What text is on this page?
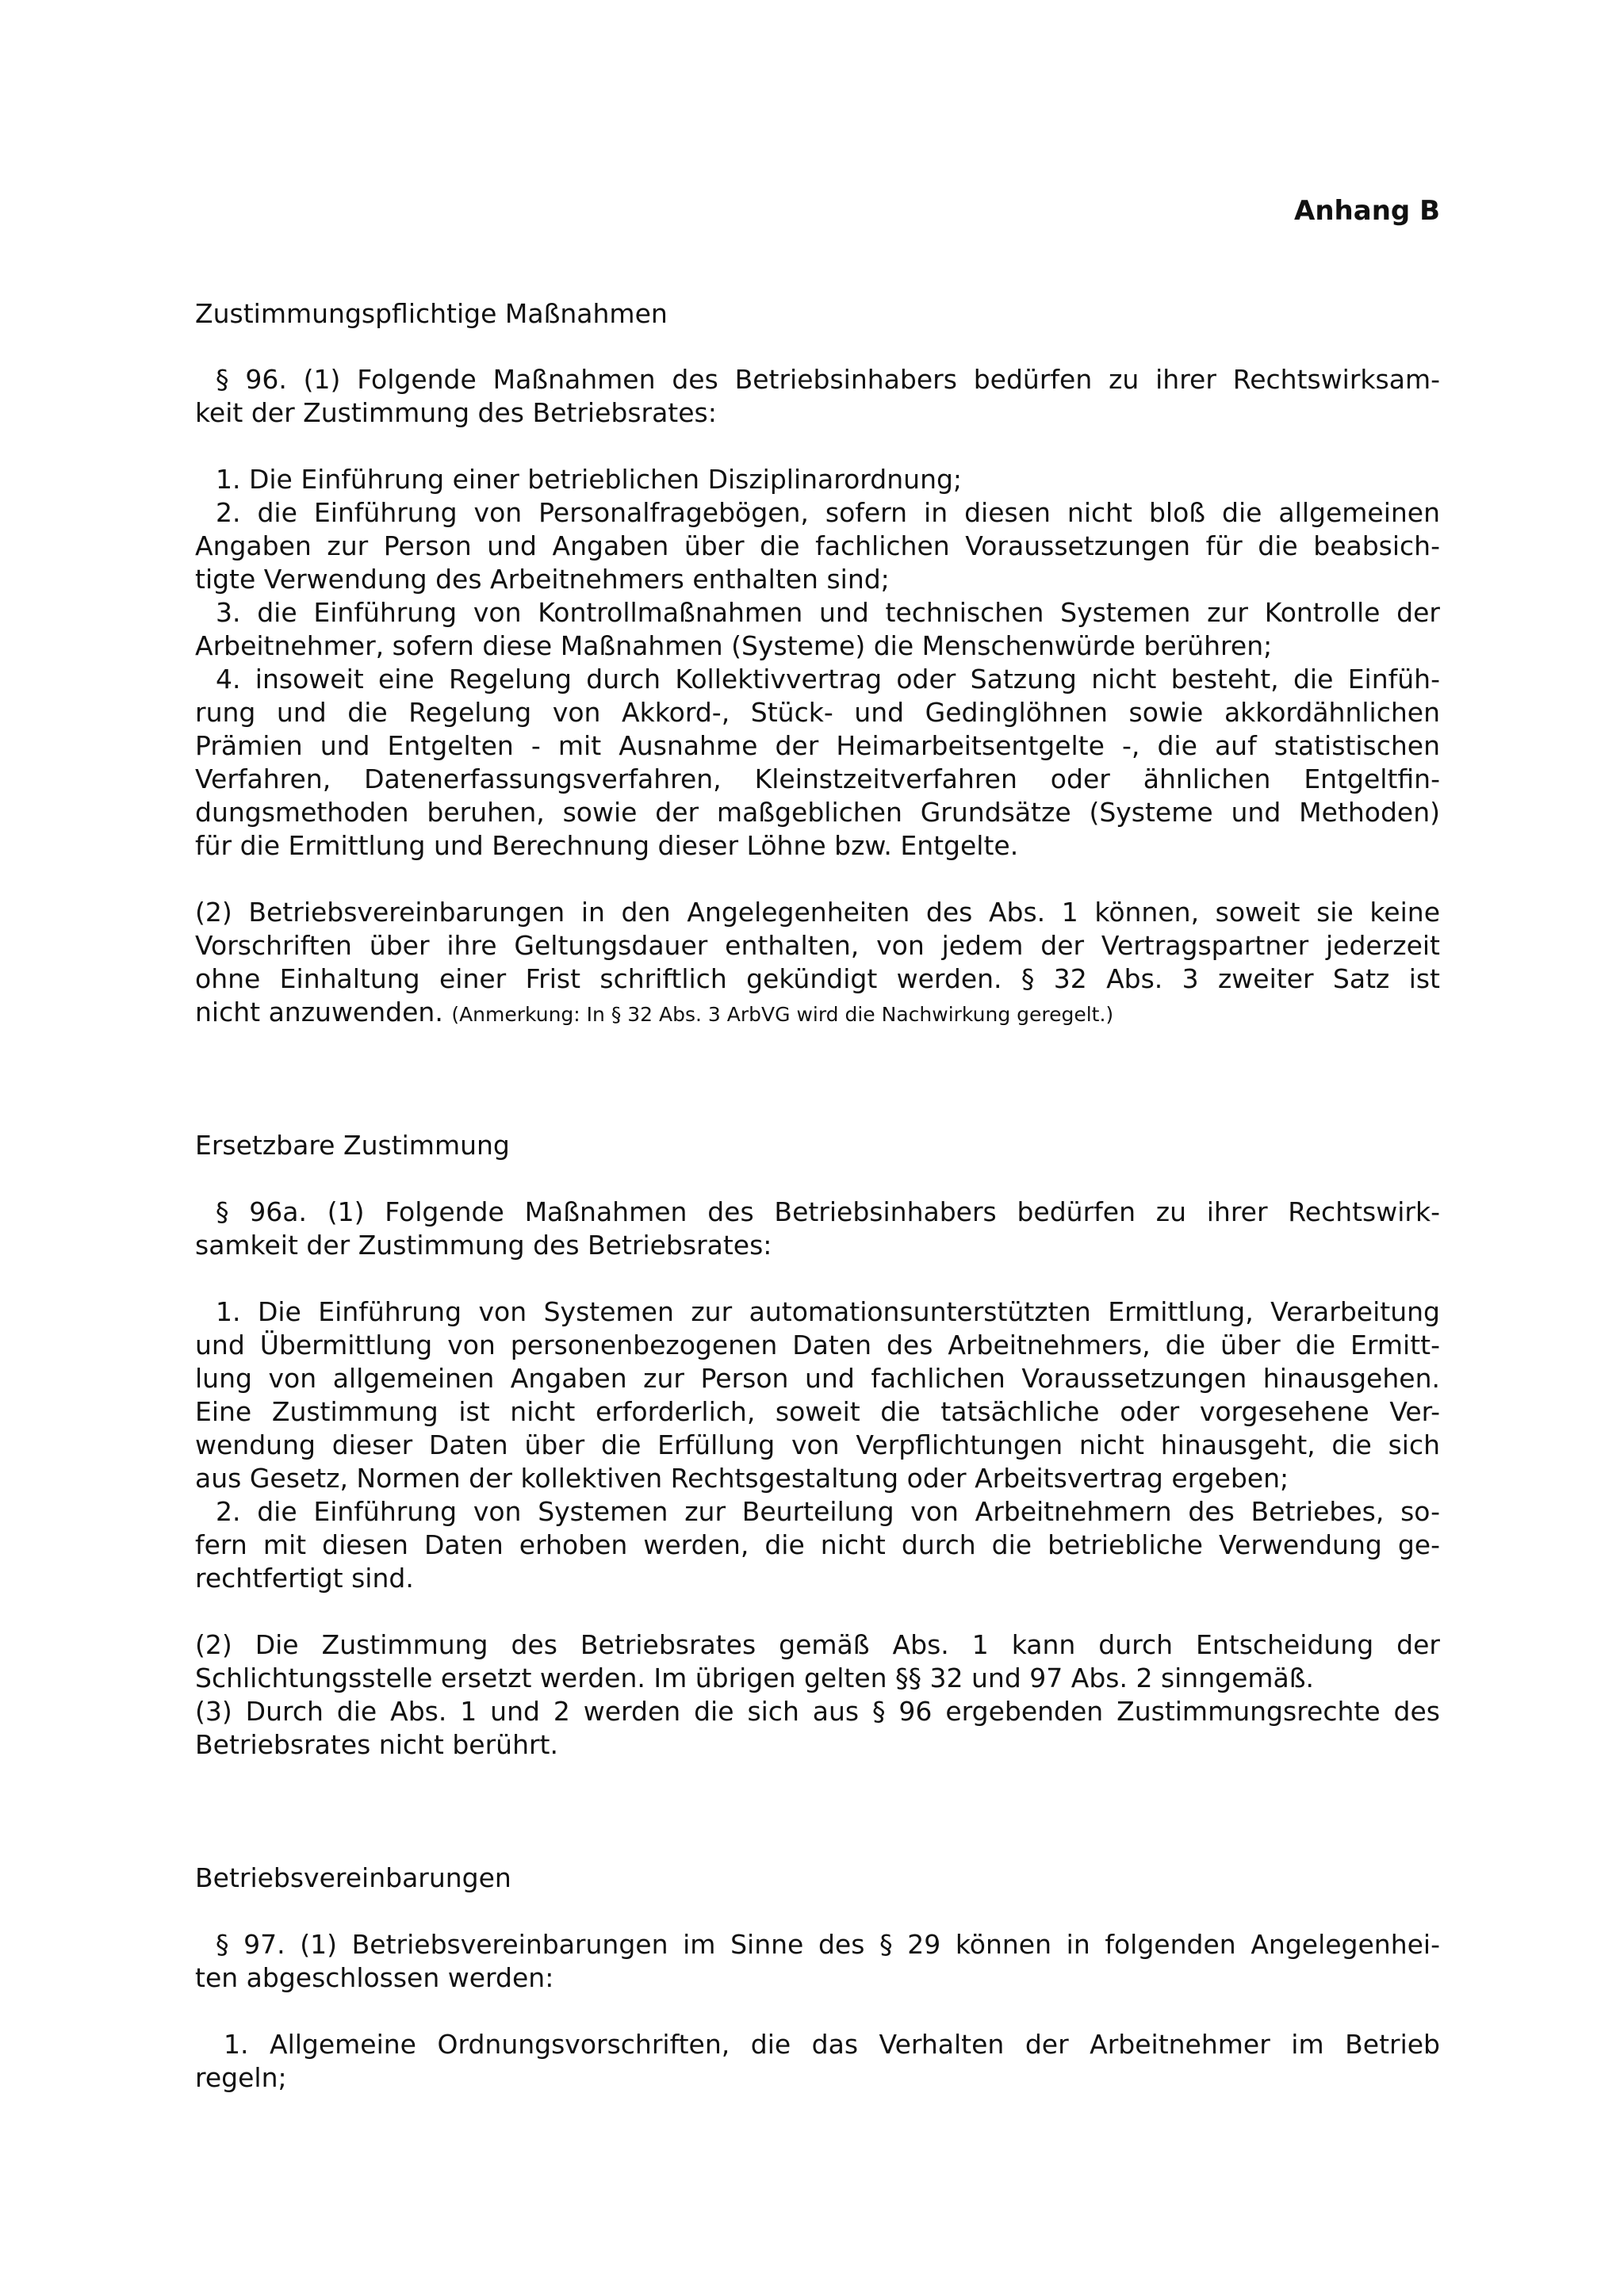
Anhang B
Zustimmungspflichtige Maßnahmen
§ 96. (1) Folgende Maßnahmen des Betriebsinhabers bedürfen zu ihrer Rechtswirksam-
keit der Zustimmung des Betriebsrates:
1. Die Einführung einer betrieblichen Disziplinarordnung;
2. die Einführung von Personalfragebögen, sofern in diesen nicht bloß die allgemeinen
Angaben zur Person und Angaben über die fachlichen Voraussetzungen für die beabsich-
tigte Verwendung des Arbeitnehmers enthalten sind;
3. die Einführung von Kontrollmaßnahmen und technischen Systemen zur Kontrolle der
Arbeitnehmer, sofern diese Maßnahmen (Systeme) die Menschenwürde berühren;
4. insoweit eine Regelung durch Kollektivvertrag oder Satzung nicht besteht, die Einfüh-
rung und die Regelung von Akkord-, Stück- und Gedinglöhnen sowie akkordähnlichen
Prämien und Entgelten - mit Ausnahme der Heimarbeitsentgelte -, die auf statistischen
Verfahren, Datenerfassungsverfahren, Kleinstzeitverfahren oder ähnlichen Entgeltfin-
dungsmethoden beruhen, sowie der maßgeblichen Grundsätze (Systeme und Methoden)
für die Ermittlung und Berechnung dieser Löhne bzw. Entgelte.
(2) Betriebsvereinbarungen in den Angelegenheiten des Abs. 1 können, soweit sie keine
Vorschriften über ihre Geltungsdauer enthalten, von jedem der Vertragspartner jederzeit
ohne Einhaltung einer Frist schriftlich gekündigt werden. § 32 Abs. 3 zweiter Satz ist
nicht anzuwenden. (Anmerkung: In § 32 Abs. 3 ArbVG wird die Nachwirkung geregelt.)
Ersetzbare Zustimmung
§ 96a. (1) Folgende Maßnahmen des Betriebsinhabers bedürfen zu ihrer Rechtswirk-
samkeit der Zustimmung des Betriebsrates:
1. Die Einführung von Systemen zur automationsunterstützten Ermittlung, Verarbeitung
und Übermittlung von personenbezogenen Daten des Arbeitnehmers, die über die Ermitt-
lung von allgemeinen Angaben zur Person und fachlichen Voraussetzungen hinausgehen.
Eine Zustimmung ist nicht erforderlich, soweit die tatsächliche oder vorgesehene Ver-
wendung dieser Daten über die Erfüllung von Verpflichtungen nicht hinausgeht, die sich
aus Gesetz, Normen der kollektiven Rechtsgestaltung oder Arbeitsvertrag ergeben;
2. die Einführung von Systemen zur Beurteilung von Arbeitnehmern des Betriebes, so-
fern mit diesen Daten erhoben werden, die nicht durch die betriebliche Verwendung ge-
rechtfertigt sind.
(2) Die Zustimmung des Betriebsrates gemäß Abs. 1 kann durch Entscheidung der
Schlichtungsstelle ersetzt werden. Im übrigen gelten §§ 32 und 97 Abs. 2 sinngemäß.
(3) Durch die Abs. 1 und 2 werden die sich aus § 96 ergebenden Zustimmungsrechte des
Betriebsrates nicht berührt.
Betriebsvereinbarungen
§ 97. (1) Betriebsvereinbarungen im Sinne des § 29 können in folgenden Angelegenhei-
ten abgeschlossen werden:
1. Allgemeine Ordnungsvorschriften, die das Verhalten der Arbeitnehmer im Betrieb
regeln;
